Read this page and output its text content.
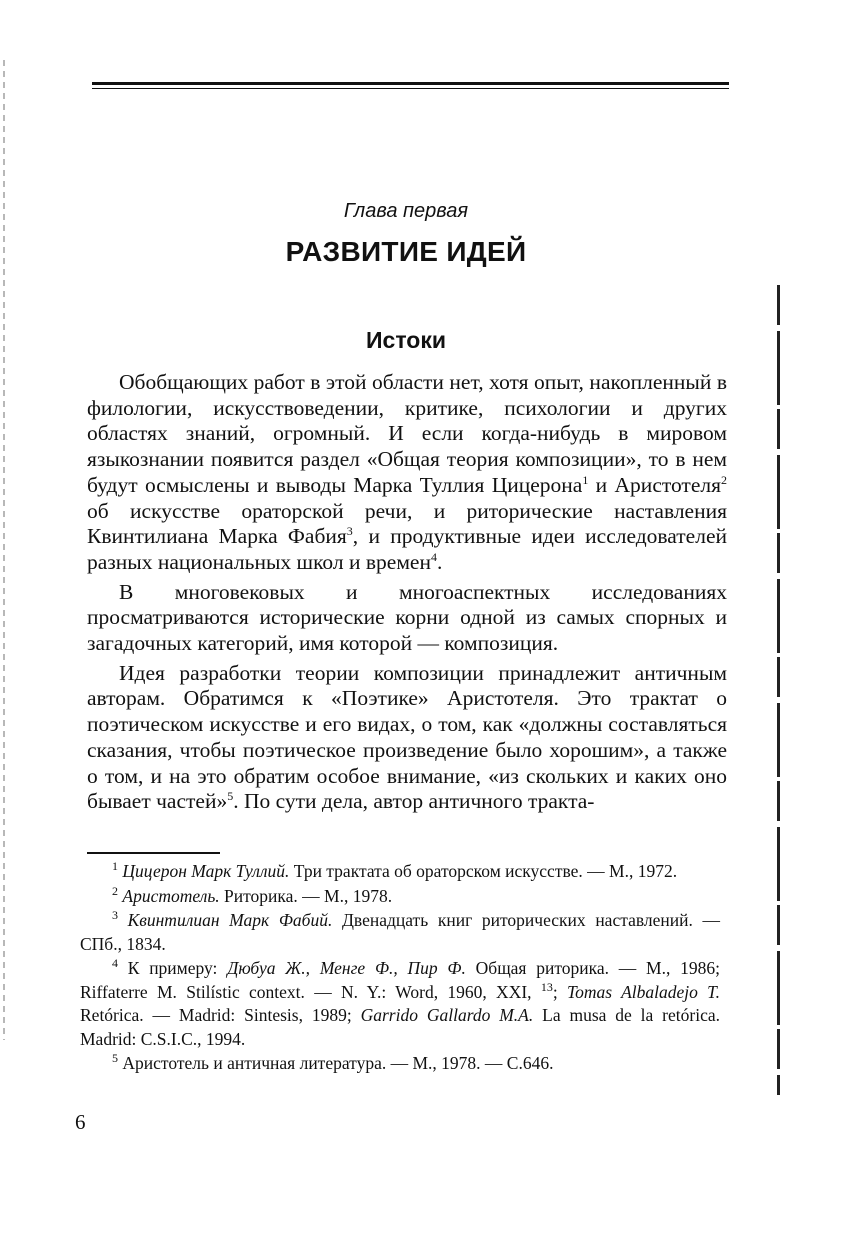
Глава первая
РАЗВИТИЕ ИДЕЙ
Истоки

Обобщающих работ в этой области нет, хотя опыт, накопленный в филологии, искусствоведении, критике, психологии и других областях знаний, огромный. И если когда-нибудь в мировом языкознании появится раздел «Общая теория композиции», то в нем будут осмыслены и выводы Марка Туллия Цицерона$^1$ и Аристотеля$^2$ об искусстве ораторской речи, и риторические наставления Квинтилиана Марка Фабия$^3$, и продуктивные идеи исследователей разных национальных школ и времен$^4$.

В многовековых и многоаспектных исследованиях просматриваются исторические корни одной из самых спорных и загадочных категорий, имя которой — композиция.

Идея разработки теории композиции принадлежит античным авторам. Обратимся к «Поэтике» Аристотеля. Это трактат о поэтическом искусстве и его видах, о том, как «должны составляться сказания, чтобы поэтическое произведение было хорошим», а также о том, и на это обратим особое внимание, «из скольких и каких оно бывает частей»$^5$. По сути дела, автор античного тракта-

$^1$ Цицерон Марк Туллий. Три трактата об ораторском искусстве. — М., 1972.

$^2$ Аристотель. Риторика. — М., 1978.

$^3$ Квинтилиан Марк Фабий. Двенадцать книг риторических наставлений. — СПб., 1834.

$^4$ К примеру: Дюбуа Ж., Менге Ф., Пир Ф. Общая риторика. — М., 1986; Riffaterre M. Stilístic context. — N. Y.: Word, 1960, XXI, $^{13}$; Tomas Albaladejo T. Retórica. — Madrid: Sintesis, 1989; Garrido Gallardo M.A. La musa de la retórica. Madrid: C.S.I.C., 1994.

$^5$ Аристотель и античная литература. — М., 1978. — С.646.

6
